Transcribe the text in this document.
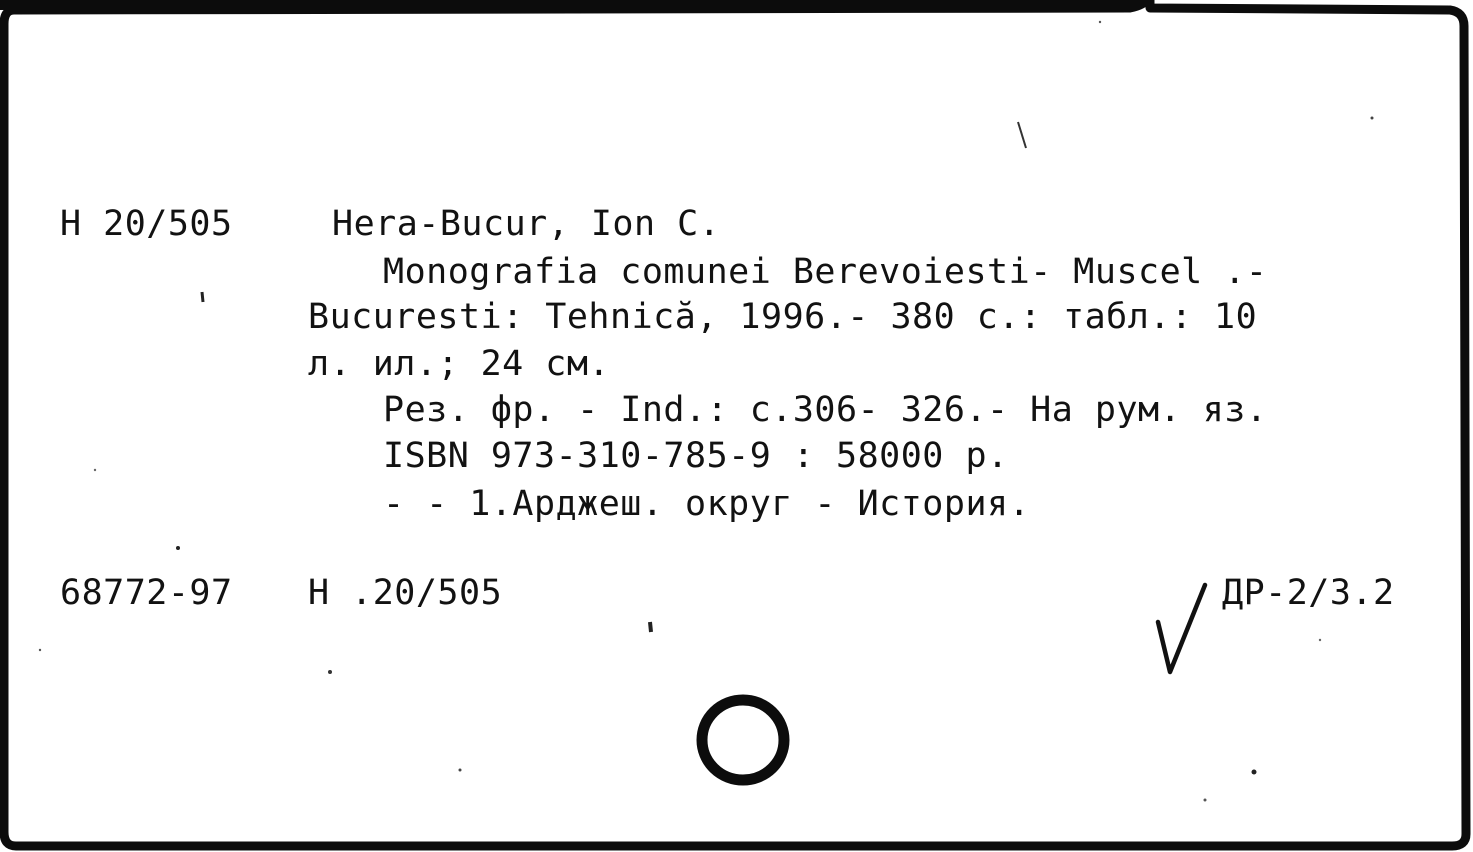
H 20/505	Hera-Bucur, Ion C.
Monografia comunei Berevoiesti- Muscel .-
Bucuresti: Tehnică, 1996.- 380 с.: табл.: 10
л. ил.; 24 см.
Рез. фр. - Ind.: с.306- 326.- На рум. яз.
ISBN 973-310-785-9 : 58000 р.
- - 1.Арджеш. округ - История.
68772-97 H .20/505	ДР-2/3.2
